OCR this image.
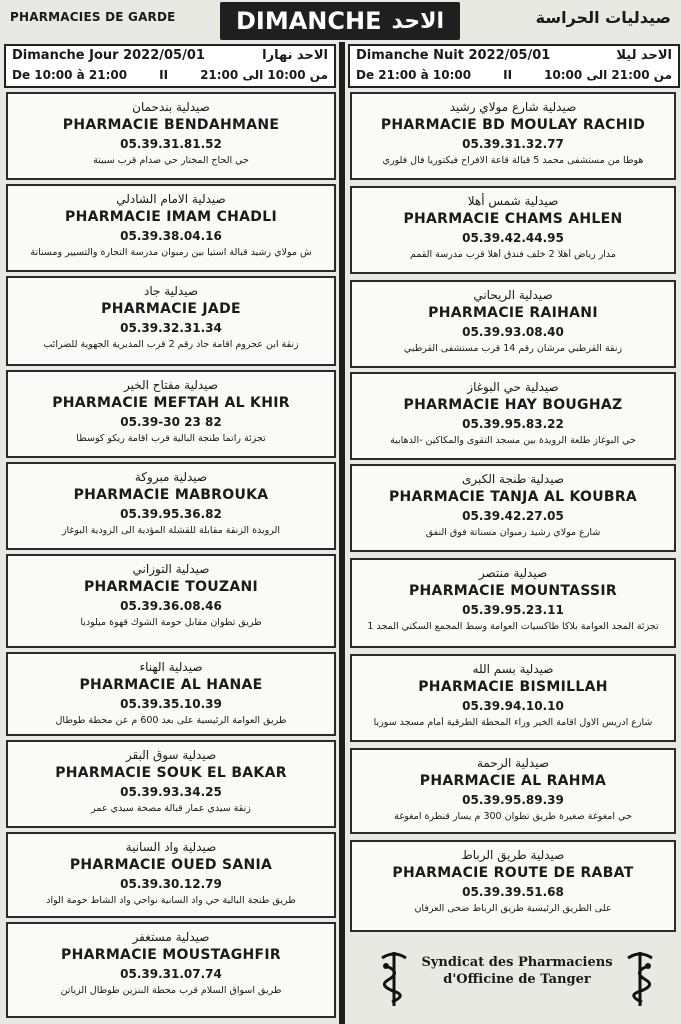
PHARMACIES DE GARDE	DIMANCHE الاحد	صيدليات الحراسة
Dimanche Jour 2022/05/01	الاحد نهارا
De 10:00 à 21:00	II	من 10:00 الى 21:00
Dimanche Nuit 2022/05/01	الاحد ليلا
De 21:00 à 10:00	II	من 21:00 الى 10:00
صيدلية بندحمان
PHARMACIE BENDAHMANE
05.39.31.81.52
حي الحاج المختار حي صدام قرب سبيتة
صيدلية الامام الشادلي
PHARMACIE IMAM CHADLI
05.39.38.04.16
ش مولاي رشيد قبالة استيا بين رمبوان مدرسة التجارة والتسيير ومسناتة
صيدلية جاد
PHARMACIE JADE
05.39.32.31.34
زنقة ابن عجروم اقامة جاد رقم 2 قرب المديرية الجهوية للضرائب
صيدلية مفتاح الخير
PHARMACIE MEFTAH AL KHIR
05.39-30 23 82
تجزئة راتما طنجة البالية قرب اقامة ريكو كوسطا
صيدلية مبروكة
PHARMACIE MABROUKA
05.39.95.36.82
الرويدة الزنقة مقابلة للقشلة المؤدية الى الزودية البوغاز
صيدلية التوزاني
PHARMACIE TOUZANI
05.39.36.08.46
طريق تطوان مقابل حومة الشوك قهوة ميلوديا
صيدلية الهناء
PHARMACIE AL HANAE
05.39.35.10.39
طريق العوامة الرئيسية على بعد 600 م عن محطة طوطال
صيدلية سوق البقر
PHARMACIE SOUK EL BAKAR
05.39.93.34.25
زنقة سيدي عمار قبالة مصحة سيدي عمر
صيدلية واد السانية
PHARMACIE OUED SANIA
05.39.30.12.79
طريق طنجة البالية حي واد السانية نواحي واد الشاط حومة الواد
صيدلية مستغفر
PHARMACIE MOUSTAGHFIR
05.39.31.07.74
طريق اسواق السلام قرب محطة البنزين طوطال الزياتن
صيدلية شارع مولاي رشيد
PHARMACIE BD MOULAY RACHID
05.39.31.32.77
هوطا من مستشفى محمد 5 قبالة قاعة الافراح فيكتوريا فال فلوري
صيدلية شمس أهلا
PHARMACIE CHAMS AHLEN
05.39.42.44.95
مدار رياض أهلا 2 خلف فندق أهلا قرب مدرسة القمم
صيدلية الريحاني
PHARMACIE RAIHANI
05.39.93.08.40
زنقة القرطبي مرشان رقم 14 قرب مستشفى القرطبي
صيدلية حي البوغاز
PHARMACIE HAY BOUGHAZ
05.39.95.83.22
حي البوغاز طلعة الرويدة بين مسجد التقوى والمكاكين -الدهابية
صيدلية طنجة الكبرى
PHARMACIE TANJA AL KOUBRA
05.39.42.27.05
شارع مولاي رشيد رمبوان مسناتة فوق النفق
صيدلية منتصر
PHARMACIE MOUNTASSIR
05.39.95.23.11
تجزئة المجد العوامة بلاكا طاكسيات العوامة وسط المجمع السكني المجد 1
صيدلية بسم الله
PHARMACIE BISMILLAH
05.39.94.10.10
شارع ادريس الاول اقامة الخير وراء المحطة الطرقية أمام مسجد سوريا
صيدلية الرحمة
PHARMACIE AL RAHMA
05.39.95.89.39
حي امغوغة صغيرة طريق تطوان 300 م يسار قنطرة امغوغة
صيدلية طريق الرباط
PHARMACIE ROUTE DE RABAT
05.39.39.51.68
على الطريق الرئيسية طريق الرباط ضحى العرفان
Syndicat des Pharmaciens
d'Officine de Tanger
